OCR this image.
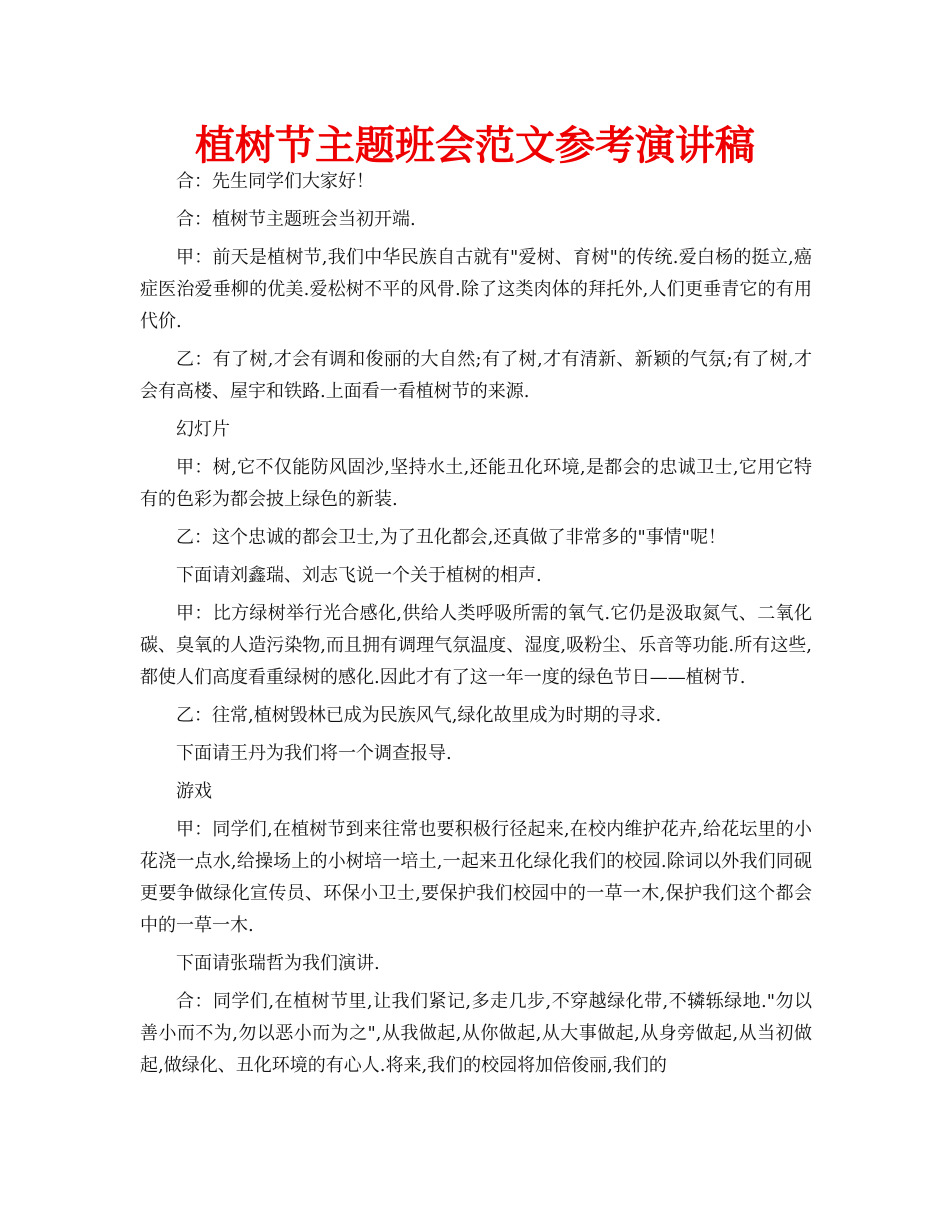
植树节主题班会范文参考演讲稿

合：先生同学们大家好！

合：植树节主题班会当初开端.

甲：前天是植树节,我们中华民族自古就有"爱树、育树"的传统.爱白杨的挺立,癌症医治爱垂柳的优美.爱松树不平的风骨.除了这类肉体的拜托外,人们更垂青它的有用代价.

乙：有了树,才会有调和俊丽的大自然;有了树,才有清新、新颖的气氛;有了树,才会有高楼、屋宇和铁路.上面看一看植树节的来源.

幻灯片

甲：树,它不仅能防风固沙,坚持水土,还能丑化环境,是都会的忠诚卫士,它用它特有的色彩为都会披上绿色的新装.

乙：这个忠诚的都会卫士,为了丑化都会,还真做了非常多的"事情"呢！

下面请刘鑫瑞、刘志飞说一个关于植树的相声.

甲：比方绿树举行光合感化,供给人类呼吸所需的氧气.它仍是汲取氮气、二氧化碳、臭氧的人造污染物,而且拥有调理气氛温度、湿度,吸粉尘、乐音等功能.所有这些,都使人们高度看重绿树的感化.因此才有了这一年一度的绿色节日——植树节.

乙：往常,植树毁林已成为民族风气,绿化故里成为时期的寻求.

下面请王丹为我们将一个调查报导.

游戏

甲：同学们,在植树节到来往常也要积极行径起来,在校内维护花卉,给花坛里的小花浇一点水,给操场上的小树培一培土,一起来丑化绿化我们的校园.除词以外我们同砚更要争做绿化宣传员、环保小卫士,要保护我们校园中的一草一木,保护我们这个都会中的一草一木.

下面请张瑞哲为我们演讲.

合：同学们,在植树节里,让我们紧记,多走几步,不穿越绿化带,不辚轹绿地."勿以善小而不为,勿以恶小而为之",从我做起,从你做起,从大事做起,从身旁做起,从当初做起,做绿化、丑化环境的有心人.将来,我们的校园将加倍俊丽,我们的
